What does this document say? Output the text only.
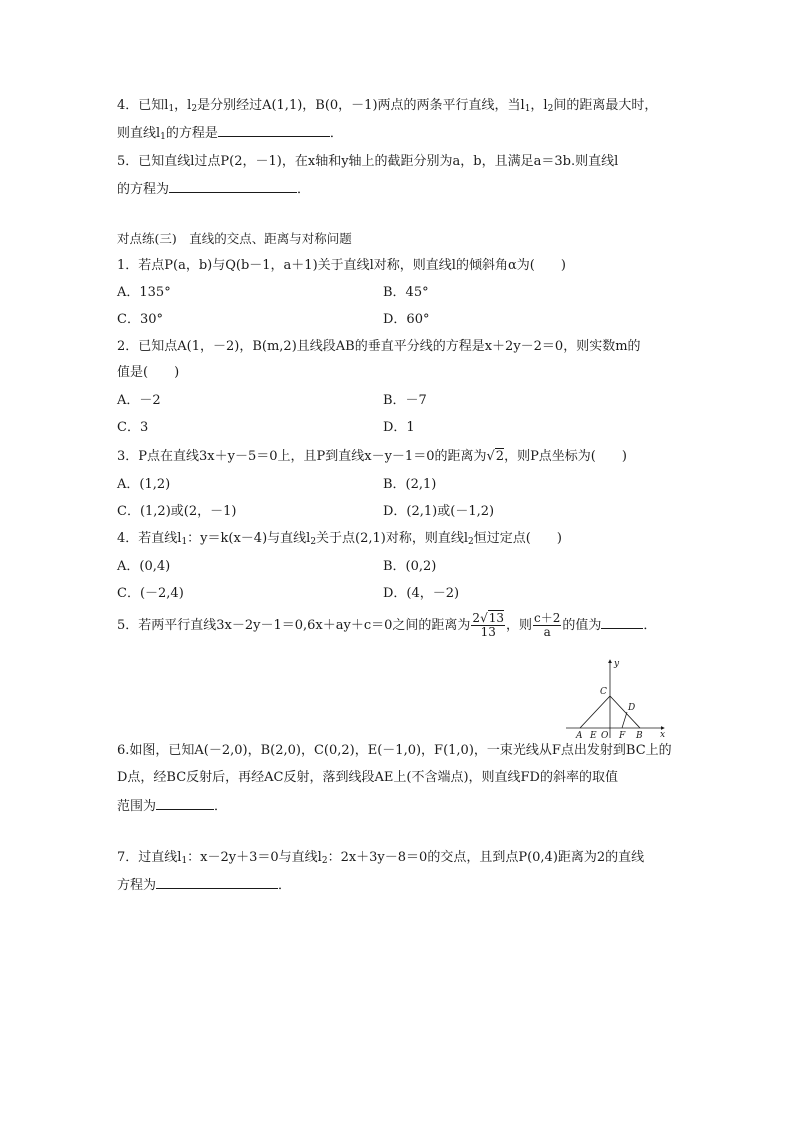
4．已知$l_1$，$l_2$是分别经过A(1,1)，B(0，－1)两点的两条平行直线，当$l_1$，$l_2$间的距离最大时，
则直线$l_1$的方程是	．
5．已知直线l过点P(2，－1)，在x轴和y轴上的截距分别为a，b，且满足a＝3b.则直线l
的方程为	．
对点练(三)　直线的交点、距离与对称问题
1．若点P(a，b)与Q(b－1，a＋1)关于直线l对称，则直线l的倾斜角α为(　　)
A．135°	B．45°
C．30°	D．60°
2．已知点A(1，－2)，B(m,2)且线段AB的垂直平分线的方程是x＋2y－2＝0，则实数m的
值是(　　)
A．－2	B．－7
C．3	D．1
3．P点在直线3x＋y－5＝0上，且P到直线x－y－1＝0的距离为√2，则P点坐标为(　　)
A．(1,2)	B．(2,1)
C．(1,2)或(2，－1)	D．(2,1)或(－1,2)
4．若直线$l_1$：y＝k(x－4)与直线$l_2$关于点(2,1)对称，则直线$l_2$恒过定点(　　)
A．(0,4)	B．(0,2)
C．(－2,4)	D．(4，－2)
5．若两平行直线3x－2y－1＝0,6x＋ay＋c＝0之间的距离为 $\frac{2√13}{13}$ ，则 $\frac{c+2}{a}$ 的值为	．
y
x
C
D
A E O F B
6.如图，已知A(－2,0)，B(2,0)，C(0,2)，E(－1,0)，F(1,0)，一束光线从F点出发射到BC上的
D点，经BC反射后，再经AC反射，落到线段AE上(不含端点)，则直线FD的斜率的取值
范围为	．
7．过直线$l_1$：x－2y＋3＝0与直线$l_2$：2x＋3y－8＝0的交点，且到点P(0,4)距离为2的直线
方程为	．
